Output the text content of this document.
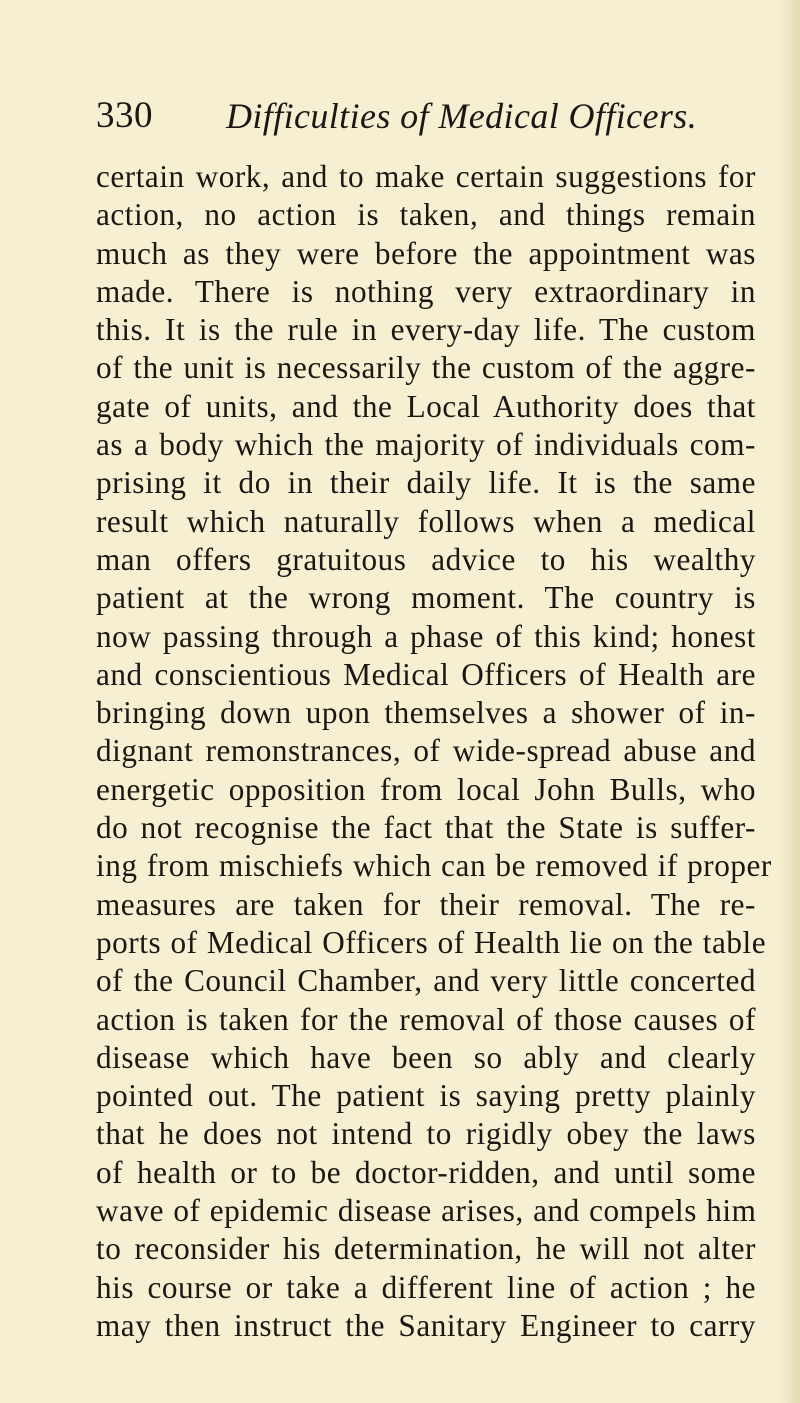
330 Difficulties of Medical Officers.
certain work, and to make certain suggestions for
action, no action is taken, and things remain
much as they were before the appointment was
made. There is nothing very extraordinary in
this. It is the rule in every-day life. The custom
of the unit is necessarily the custom of the aggre-
gate of units, and the Local Authority does that
as a body which the majority of individuals com-
prising it do in their daily life. It is the same
result which naturally follows when a medical
man offers gratuitous advice to his wealthy
patient at the wrong moment. The country is
now passing through a phase of this kind; honest
and conscientious Medical Officers of Health are
bringing down upon themselves a shower of in-
dignant remonstrances, of wide-spread abuse and
energetic opposition from local John Bulls, who
do not recognise the fact that the State is suffer-
ing from mischiefs which can be removed if proper
measures are taken for their removal. The re-
ports of Medical Officers of Health lie on the table
of the Council Chamber, and very little concerted
action is taken for the removal of those causes of
disease which have been so ably and clearly
pointed out. The patient is saying pretty plainly
that he does not intend to rigidly obey the laws
of health or to be doctor-ridden, and until some
wave of epidemic disease arises, and compels him
to reconsider his determination, he will not alter
his course or take a different line of action ; he
may then instruct the Sanitary Engineer to carry
